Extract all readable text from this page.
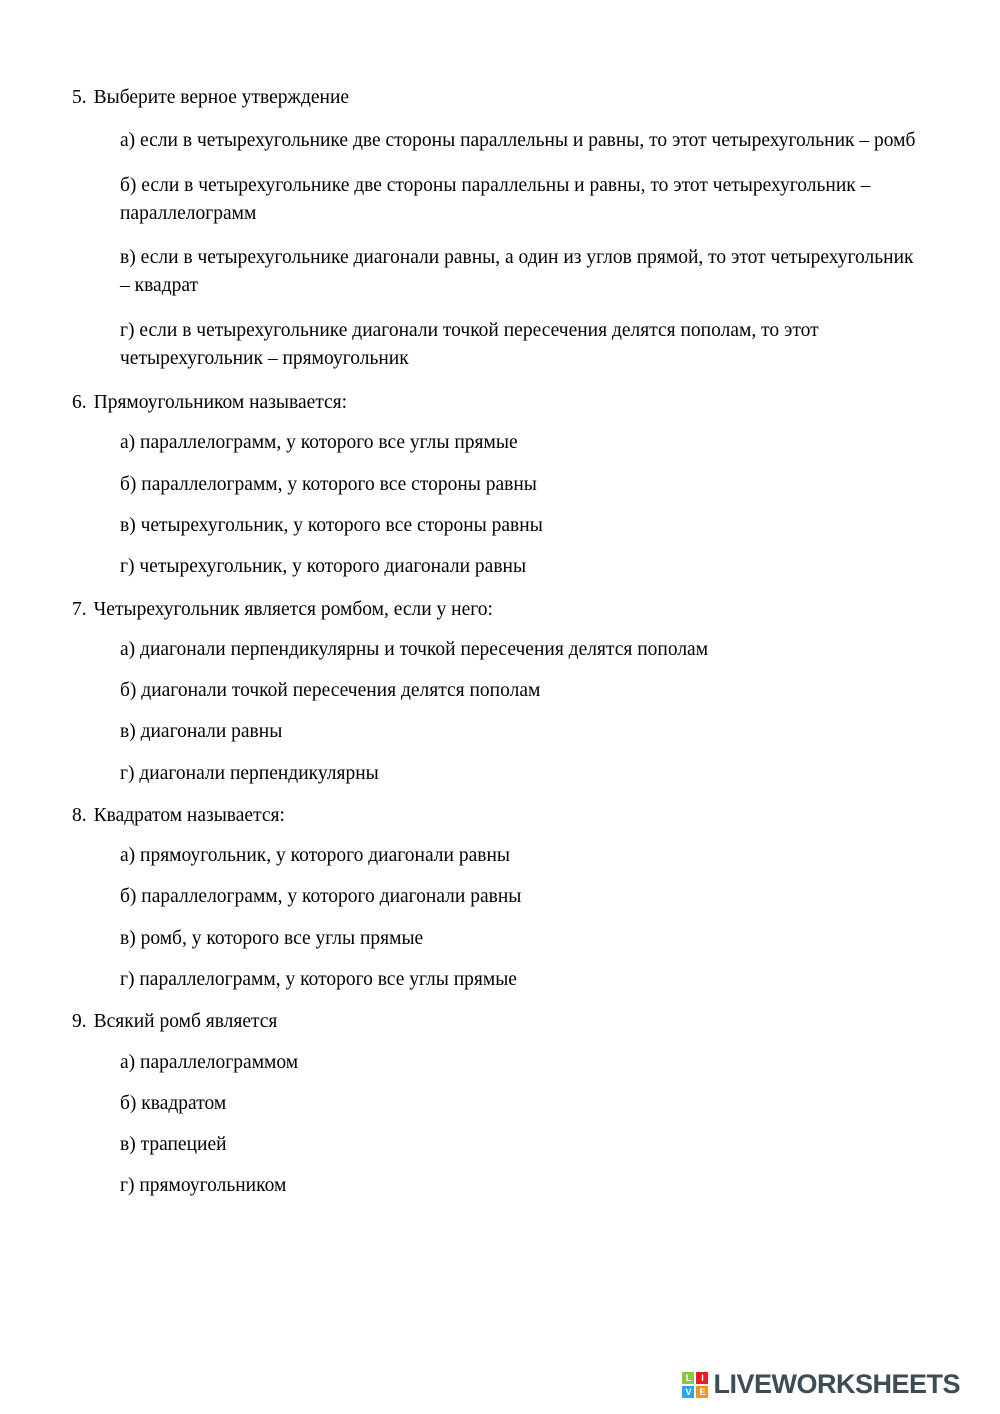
5. Выберите верное утверждение

а) если в четырехугольнике две стороны параллельны и равны, то этот четырехугольник – ромб

б) если в четырехугольнике две стороны параллельны и равны, то этот четырехугольник – параллелограмм

в) если в четырехугольнике диагонали равны, а один из углов прямой, то этот четырехугольник – квадрат

г) если в четырехугольнике диагонали точкой пересечения делятся пополам, то этот четырехугольник – прямоугольник

6. Прямоугольником называется:

а) параллелограмм, у которого все углы прямые

б) параллелограмм, у которого все стороны равны

в) четырехугольник, у которого все стороны равны

г) четырехугольник, у которого диагонали равны

7. Четырехугольник является ромбом, если у него:

а) диагонали перпендикулярны и точкой пересечения делятся пополам

б) диагонали точкой пересечения делятся пополам

в) диагонали равны

г) диагонали перпендикулярны

8. Квадратом называется:

а) прямоугольник, у которого диагонали равны

б) параллелограмм, у которого диагонали равны

в) ромб, у которого все углы прямые

г) параллелограмм, у которого все углы прямые

9. Всякий ромб является

а) параллелограммом

б) квадратом

в) трапецией

г) прямоугольником

L	I
V E LIVEWORKSHEETS
